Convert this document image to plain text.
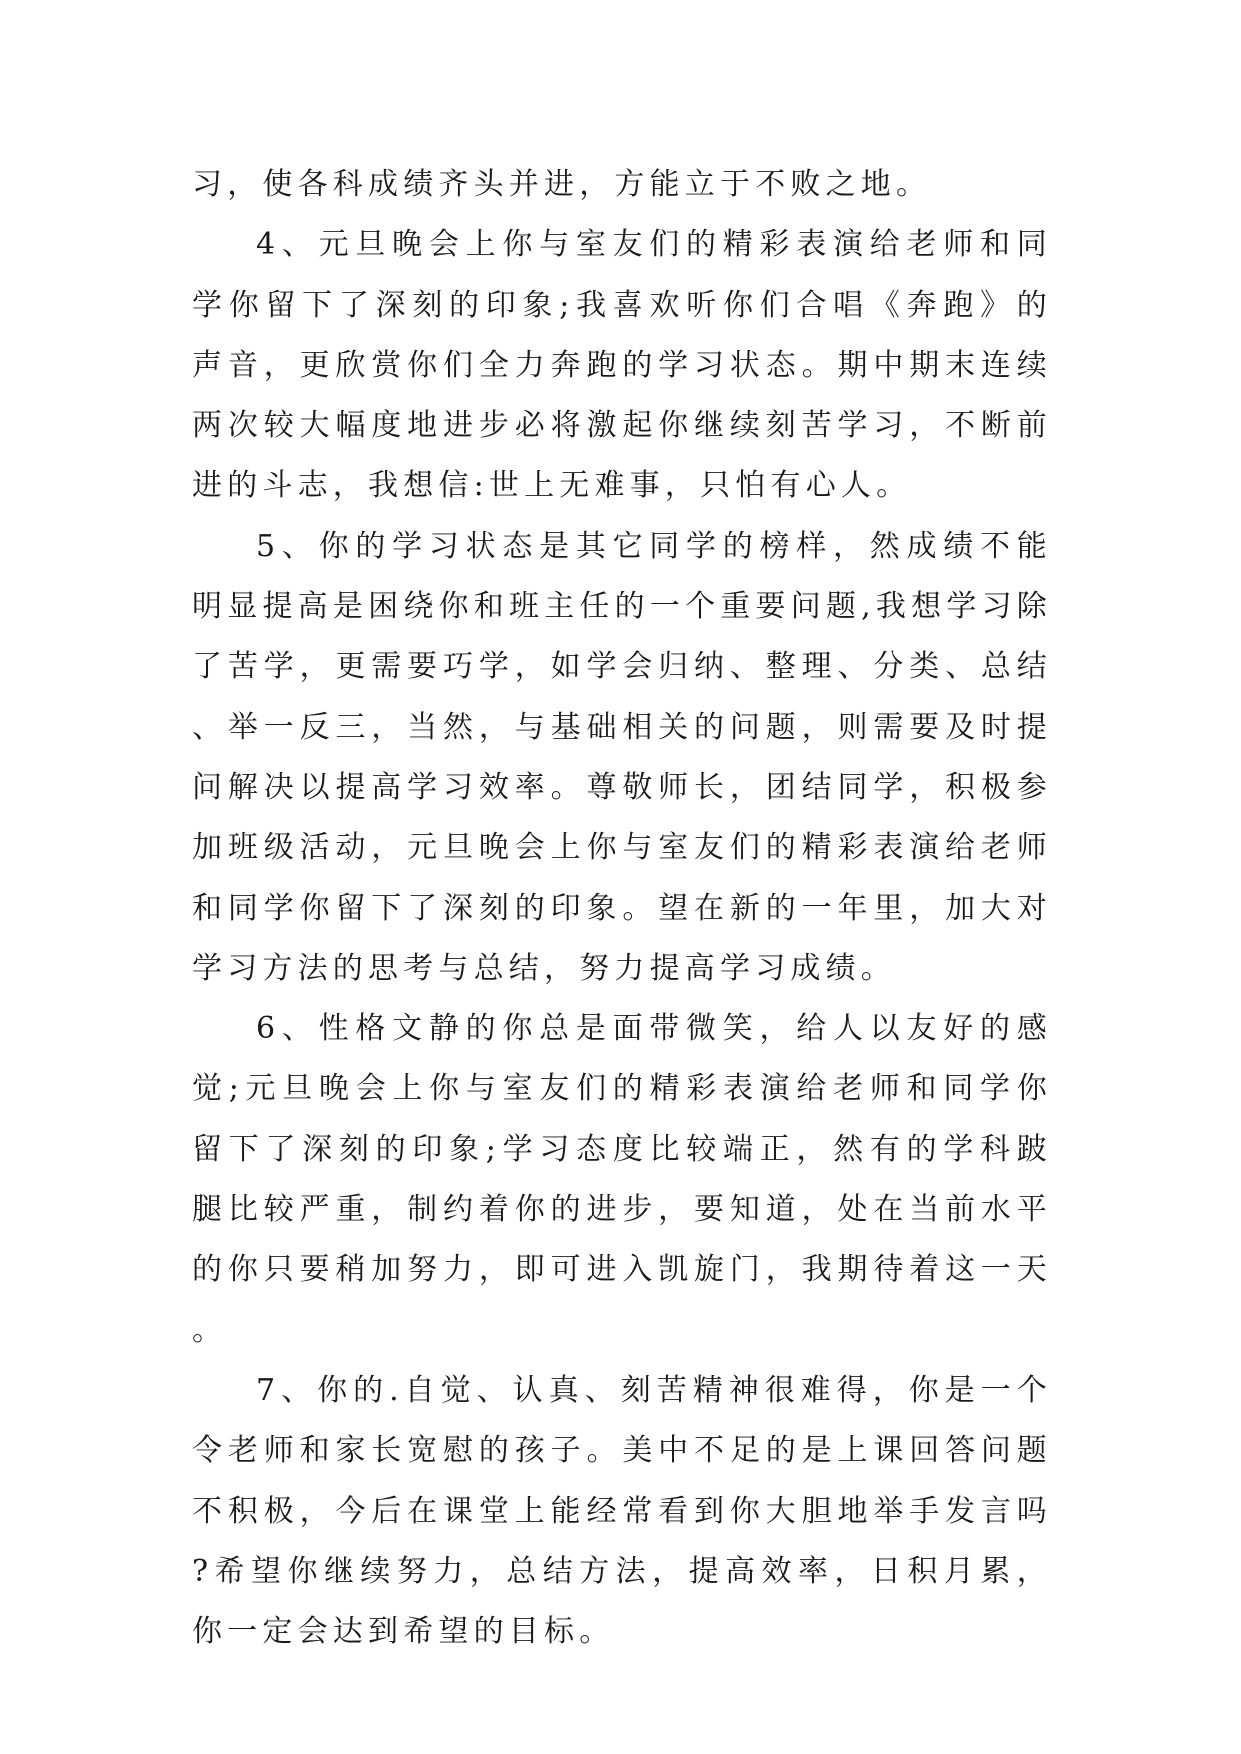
习，使各科成绩齐头并进，方能立于不败之地。

4、元旦晚会上你与室友们的精彩表演给老师和同学你留下了深刻的印象;我喜欢听你们合唱《奔跑》的声音，更欣赏你们全力奔跑的学习状态。期中期末连续两次较大幅度地进步必将激起你继续刻苦学习，不断前进的斗志，我想信:世上无难事，只怕有心人。

5、你的学习状态是其它同学的榜样，然成绩不能明显提高是困绕你和班主任的一个重要问题,我想学习除了苦学，更需要巧学，如学会归纳、整理、分类、总结、举一反三，当然，与基础相关的问题，则需要及时提问解决以提高学习效率。尊敬师长，团结同学，积极参加班级活动，元旦晚会上你与室友们的精彩表演给老师和同学你留下了深刻的印象。望在新的一年里，加大对学习方法的思考与总结，努力提高学习成绩。

6、性格文静的你总是面带微笑，给人以友好的感觉;元旦晚会上你与室友们的精彩表演给老师和同学你留下了深刻的印象;学习态度比较端正，然有的学科跛腿比较严重，制约着你的进步，要知道，处在当前水平的你只要稍加努力，即可进入凯旋门，我期待着这一天。

7、你的.自觉、认真、刻苦精神很难得，你是一个令老师和家长宽慰的孩子。美中不足的是上课回答问题不积极，今后在课堂上能经常看到你大胆地举手发言吗?希望你继续努力，总结方法，提高效率，日积月累，你一定会达到希望的目标。
